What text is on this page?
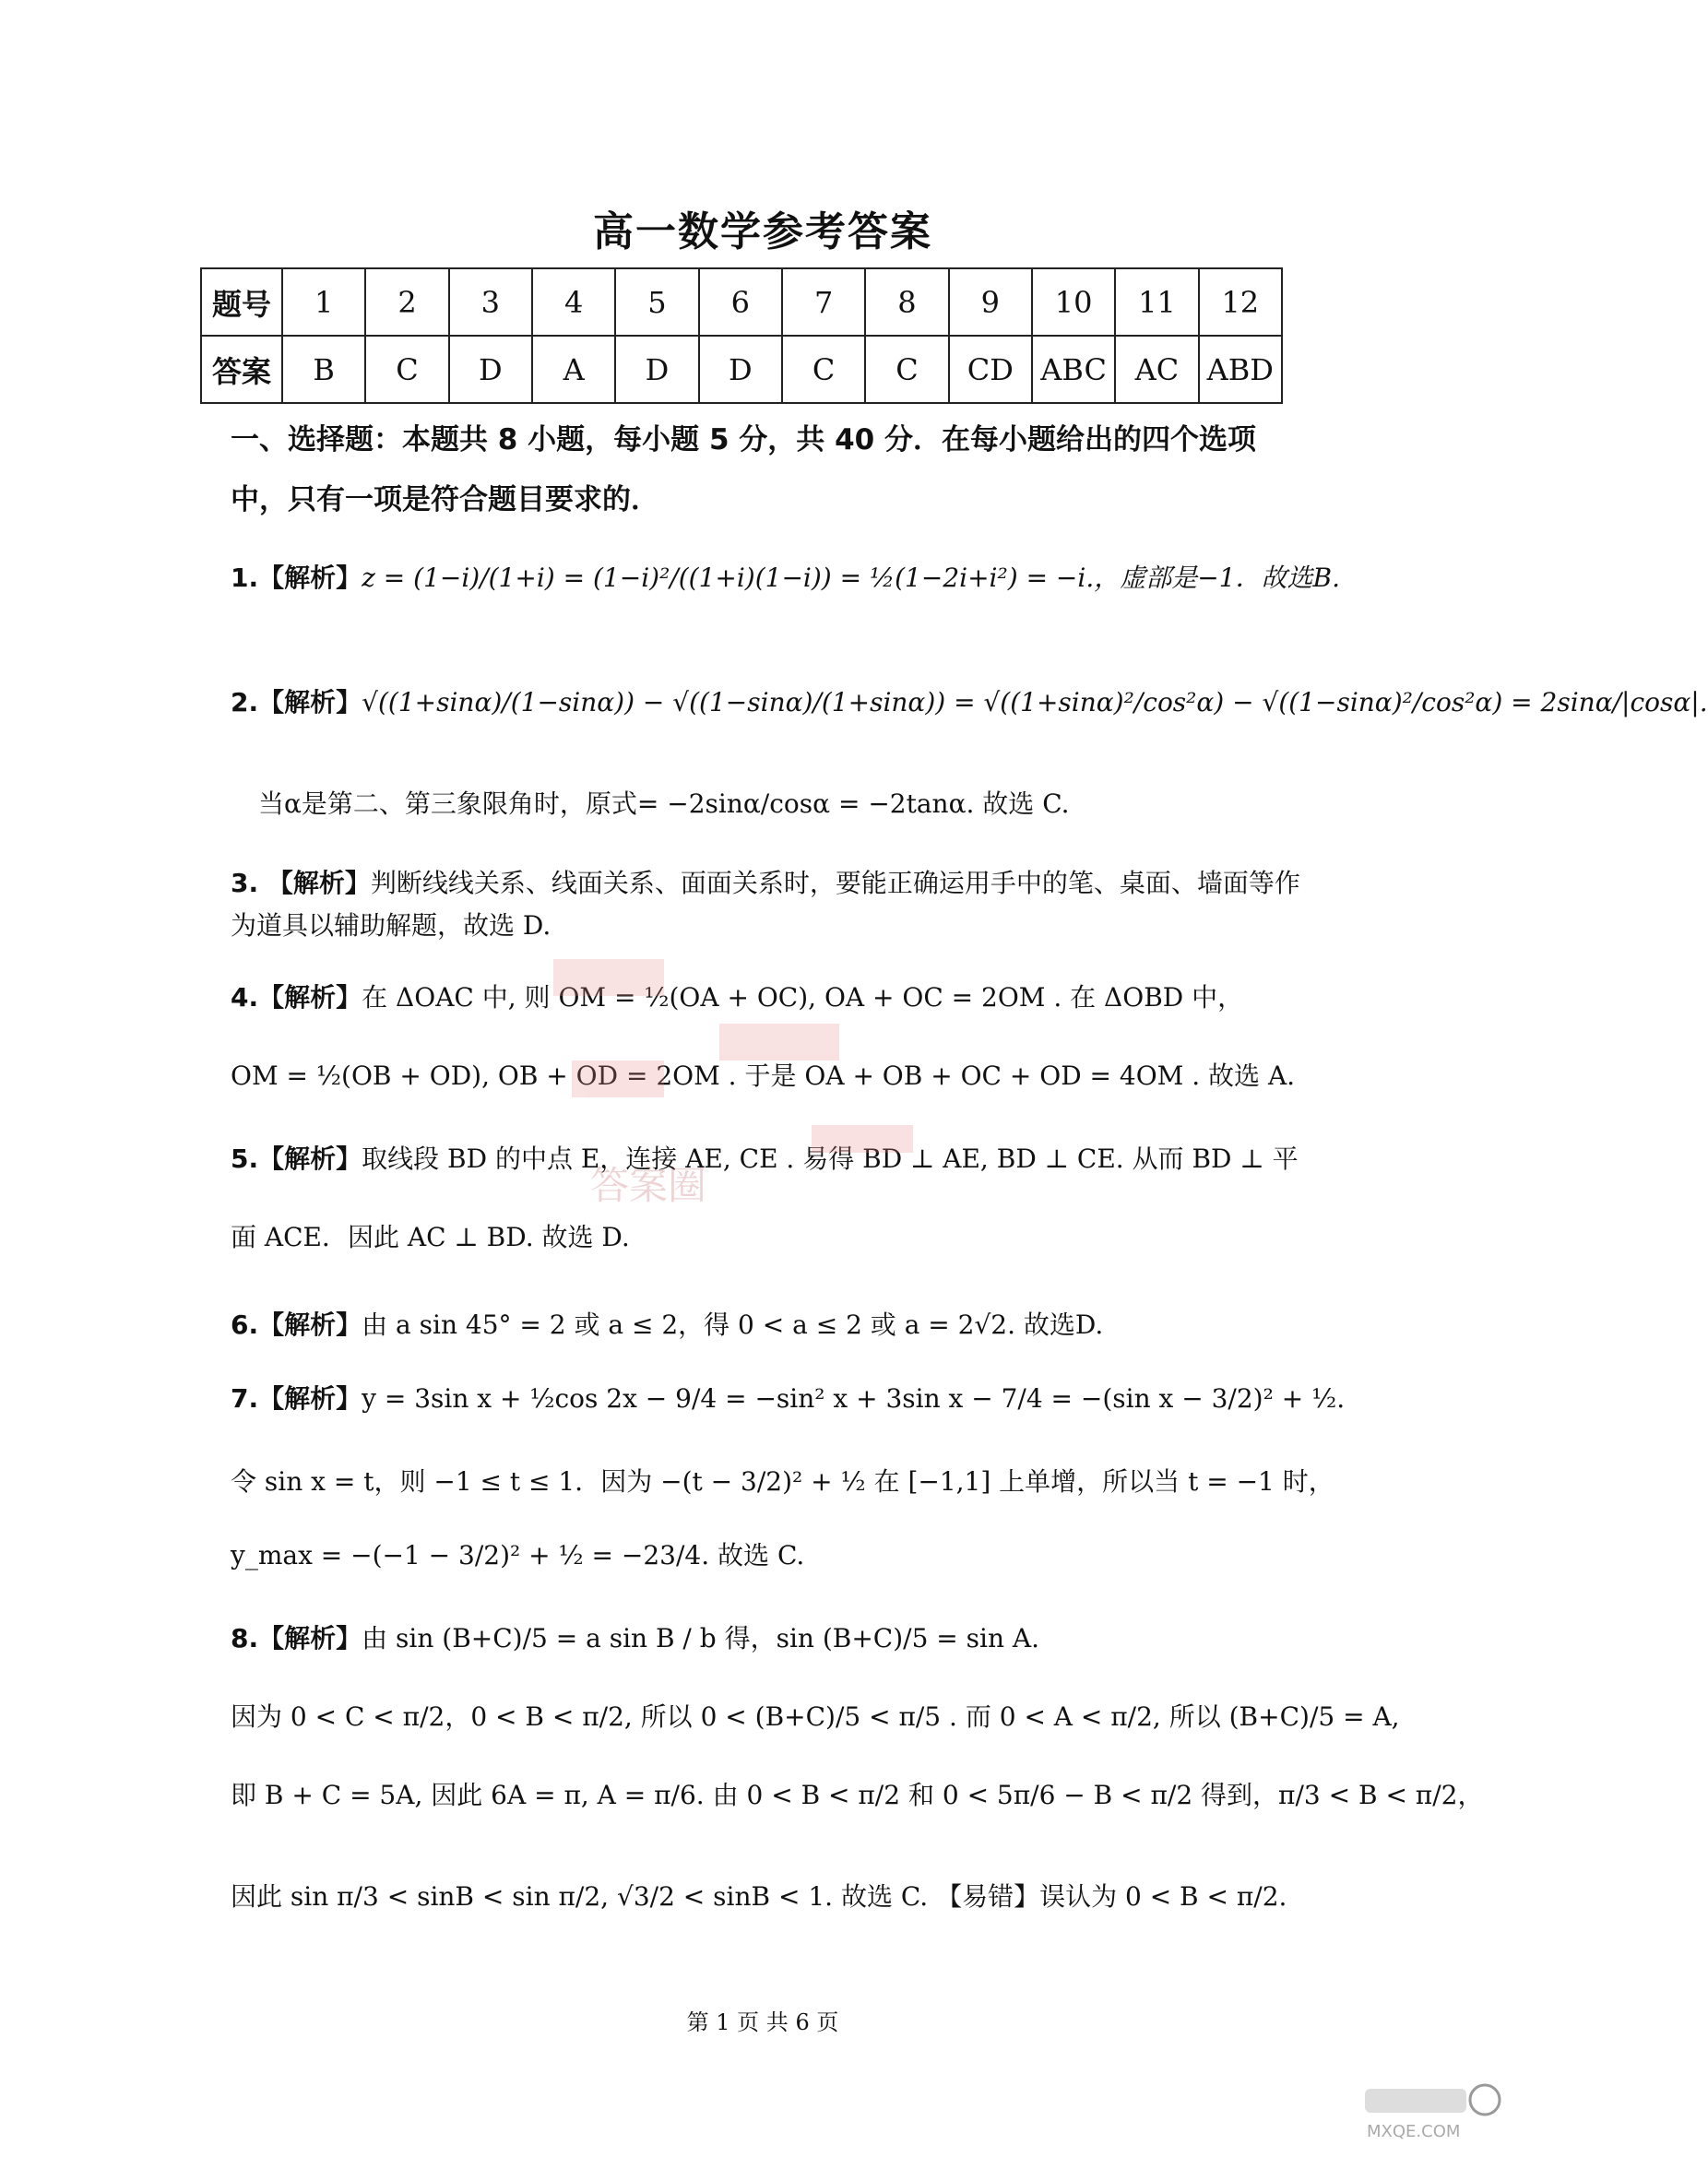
高一数学参考答案
题号	1	2	3	4	5	6	7	8	9	10	11	12
答案	B	C	D	A	D	D	C	C	CD	ABC	AC	ABD
一、选择题：本题共 8 小题，每小题 5 分，共 40 分．在每小题给出的四个选项中，只有一项是符合题目要求的．
1.【解析】z = (1−i)/(1+i) = (1−i)²/((1+i)(1−i)) = ½(1−2i+i²) = −i.，虚部是−1．故选B.
2.【解析】√((1+sinα)/(1−sinα)) − √((1−sinα)/(1+sinα)) = √((1+sinα)²/cos²α) − √((1−sinα)²/cos²α) = 2sinα/|cosα|.
当α是第二、第三象限角时，原式= −2sinα/cosα = −2tanα. 故选 C.
3. 【解析】判断线线关系、线面关系、面面关系时，要能正确运用手中的笔、桌面、墙面等作为道具以辅助解题，故选 D.
4.【解析】在 ΔOAC 中, 则 OM = ½(OA + OC), OA + OC = 2OM . 在 ΔOBD 中，
OM = ½(OB + OD), OB + OD = 2OM . 于是 OA + OB + OC + OD = 4OM . 故选 A.
5.【解析】取线段 BD 的中点 E，连接 AE, CE . 易得 BD ⊥ AE, BD ⊥ CE. 从而 BD ⊥ 平
面 ACE．因此 AC ⊥ BD. 故选 D.
6.【解析】由 a sin 45° = 2 或 a ≤ 2，得 0 < a ≤ 2 或 a = 2√2. 故选D.
7.【解析】y = 3sin x + ½cos 2x − 9/4 = −sin² x + 3sin x − 7/4 = −(sin x − 3/2)² + ½.
令 sin x = t，则 −1 ≤ t ≤ 1．因为 −(t − 3/2)² + ½ 在 [−1,1] 上单增，所以当 t = −1 时，
y_max = −(−1 − 3/2)² + ½ = −23/4. 故选 C.
8.【解析】由 sin (B+C)/5 = a sin B / b 得，sin (B+C)/5 = sin A.
因为 0 < C < π/2，0 < B < π/2, 所以 0 < (B+C)/5 < π/5 . 而 0 < A < π/2, 所以 (B+C)/5 = A,
即 B + C = 5A, 因此 6A = π, A = π/6. 由 0 < B < π/2 和 0 < 5π/6 − B < π/2 得到，π/3 < B < π/2，
因此 sin π/3 < sinB < sin π/2, √3/2 < sinB < 1. 故选 C. 【易错】误认为 0 < B < π/2.
答案圈
第 1 页 共 6 页
MXQE.COM
